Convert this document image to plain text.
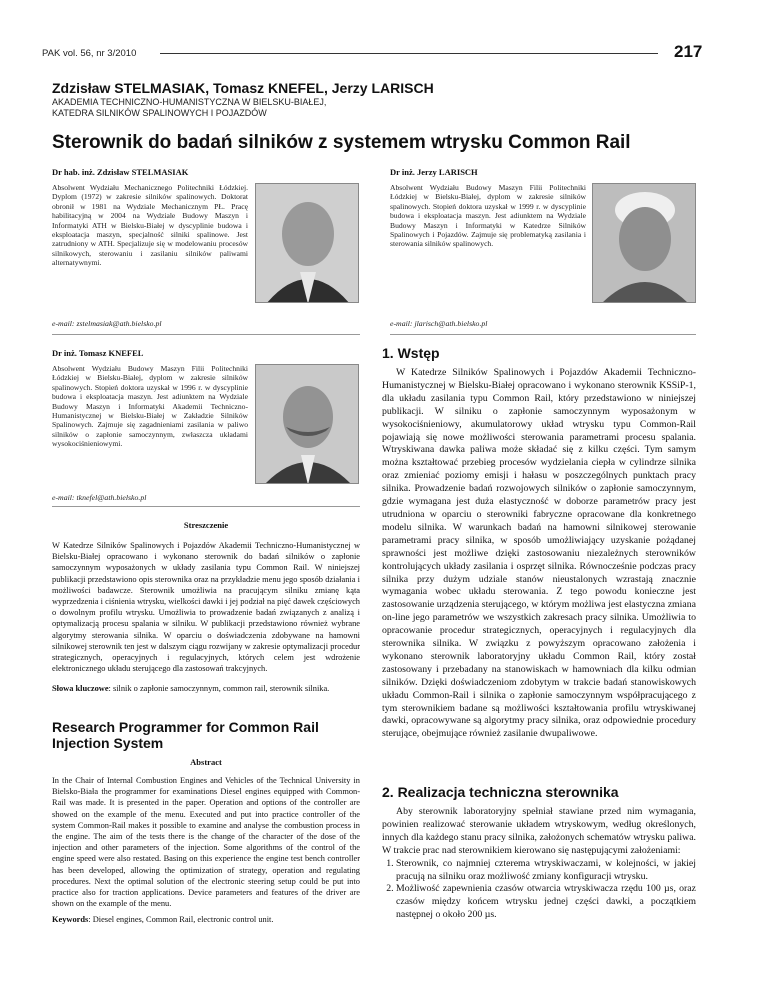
PAK vol. 56, nr 3/2010	217
Zdzisław STELMASIAK, Tomasz KNEFEL, Jerzy LARISCH
AKADEMIA TECHNICZNO-HUMANISTYCZNA W BIELSKU-BIAŁEJ,
KATEDRA SILNIKÓW SPALINOWYCH I POJAZDÓW
Sterownik do badań silników z systemem wtrysku Common Rail
Dr hab. inż. Zdzisław STELMASIAK
Absolwent Wydziału Mechanicznego Politechniki Łódzkiej. Dyplom (1972) w zakresie silników spalinowych. Doktorat obronił w 1981 na Wydziale Mechanicznym PŁ. Pracę habilitacyjną w 2004 na Wydziale Budowy Maszyn i Informatyki ATH w Bielsku-Białej w dyscyplinie budowa i eksploatacja maszyn, specjalność silniki spalinowe. Jest zatrudniony w ATH. Specjalizuje się w modelowaniu procesów silnikowych, sterowaniu i zasilaniu silników paliwami alternatywnymi.
e-mail: zstelmasiak@ath.bielsko.pl
Dr inż. Jerzy LARISCH
Absolwent Wydziału Budowy Maszyn Filii Politechniki Łódzkiej w Bielsku-Białej, dyplom w zakresie silników spalinowych. Stopień doktora uzyskał w 1999 r. w dyscyplinie budowa i eksploatacja maszyn. Jest adiunktem na Wydziale Budowy Maszyn i Informatyki w Katedrze Silników Spalinowych i Pojazdów. Zajmuje się problematyką zasilania i sterowania silników spalinowych.
e-mail: jlarisch@ath.bielsko.pl
Dr inż. Tomasz KNEFEL
Absolwent Wydziału Budowy Maszyn Filii Politechniki Łódzkiej w Bielsku-Białej, dyplom w zakresie silników spalinowych. Stopień doktora uzyskał w 1996 r. w dyscyplinie budowa i eksploatacja maszyn. Jest adiunktem na Wydziale Budowy Maszyn i Informatyki Akademii Techniczno-Humanistycznej w Bielsku-Białej w Zakładzie Silników Spalinowych. Zajmuje się zagadnieniami zasilania w paliwo silników o zapłonie samoczynnym, zwłaszcza układami wysokociśnieniowymi.
e-mail: tknefel@ath.bielsko.pl
Streszczenie
W Katedrze Silników Spalinowych i Pojazdów Akademii Techniczno-Humanistycznej w Bielsku-Białej opracowano i wykonano sterownik do badań silników o zapłonie samoczynnym wyposażonych w układy zasilania typu Common Rail. W niniejszej publikacji przedstawiono opis sterownika oraz na przykładzie menu jego sposób działania i możliwości badawcze. Sterownik umożliwia na pracującym silniku zmianę kąta wyprzedzenia i ciśnienia wtrysku, wielkości dawki i jej podział na pięć dawek częściowych o dowolnym profilu wtrysku. Umożliwia to prowadzenie badań związanych z analizą i optymalizacją procesu spalania w silniku. W publikacji przedstawiono również wybrane algorytmy sterowania silnika. W oparciu o doświadczenia zdobywane na hamowni silnikowej sterownik ten jest w dalszym ciągu rozwijany w zakresie optymalizacji procedur strategicznych, operacyjnych i regulacyjnych, których celem jest wdrożenie elektronicznego układu sterującego dla zastosowań trakcyjnych.
Słowa kluczowe: silnik o zapłonie samoczynnym, common rail, sterownik silnika.
Research Programmer for Common Rail
Injection System
Abstract
In the Chair of Internal Combustion Engines and Vehicles of the Technical University in Bielsko-Biała the programmer for examinations Diesel engines equipped with Common-Rail was made. It is presented in the paper. Operation and options of the controller are showed on the example of the menu. Executed and put into practice controller of the system Common-Rail makes it possible to examine and analyse the combustion process in the engine. The aim of the tests there is the change of the character of the dose of the injection and other parameters of the injection. Some algorithms of the control of the engine speed were also restated. Basing on this experience the engine test bench controller has been developed, allowing the optimization of strategy, operation and regulating procedures. Next the optimal solution of the electronic steering setup could be put into practice also for traction applications. Device parameters and features of the driver are shown on the example of the menu.
Keywords: Diesel engines, Common Rail, electronic control unit.
1. Wstęp

W Katedrze Silników Spalinowych i Pojazdów Akademii Techniczno-Humanistycznej w Bielsku-Białej opracowano i wykonano sterownik KSSiP-1, dla układu zasilania typu Common Rail, który przedstawiono w niniejszej publikacji. W silniku o zapłonie samoczynnym wyposażonym w wysokociśnieniowy, akumulatorowy układ wtrysku typu Common-Rail pojawiają się nowe możliwości sterowania parametrami procesu spalania. Wtryskiwana dawka paliwa może składać się z kilku części. Tym samym można kształtować przebieg procesów wydzielania ciepła w cylindrze silnika oraz zmieniać poziomy emisji i hałasu w poszczególnych punktach pracy silnika. Prowadzenie badań rozwojowych silników o zapłonie samoczynnym, gdzie wymagana jest duża elastyczność w doborze parametrów pracy jest utrudniona w oparciu o sterowniki fabryczne opracowane dla konkretnego modelu silnika. W warunkach badań na hamowni silnikowej sterowanie parametrami pracy silnika, w sposób umożliwiający uzyskanie pożądanej sprawności jest możliwe dzięki zastosowaniu niezależnych sterowników kontrolujących układy zasilania i osprzęt silnika. Równocześnie podczas pracy silnika przy dużym udziale stanów nieustalonych wzrastają znacznie wymagania wobec układu sterowania. Z tego powodu konieczne jest zastosowanie urządzenia sterującego, w którym możliwa jest elastyczna zmiana on-line jego parametrów we wszystkich zakresach pracy silnika. Umożliwia to opracowanie procedur strategicznych, operacyjnych i regulacyjnych dla sterownika silnika. W związku z powyższym opracowano założenia i wykonano sterownik laboratoryjny układu Common Rail, który został zastosowany i przebadany na stanowiskach w hamowniach dla kilku odmian silników. Dzięki doświadczeniom zdobytym w trakcie badań stanowiskowych układu Common-Rail i silnika o zapłonie samoczynnym współpracującego z tym sterownikiem badane są możliwości kształtowania profilu wtryskiwanej dawki, opracowywane są algorytmy pracy silnika, oraz odpowiednie procedury sterujące, obejmujące również zasilanie dwupaliwowe.

2. Realizacja techniczna sterownika

Aby sterownik laboratoryjny spełniał stawiane przed nim wymagania, powinien realizować sterowanie układem wtryskowym, według określonych, innych dla każdego stanu pracy silnika, założonych schematów wtrysku paliwa. W trakcie prac nad sterownikiem kierowano się następującymi założeniami:

1. Sterownik, co najmniej czterema wtryskiwaczami, w kolejności, w jakiej pracują na silniku oraz możliwość zmiany konfiguracji wtrysku.
2. Możliwość zapewnienia czasów otwarcia wtryskiwacza rzędu 100 µs, oraz czasów między końcem wtrysku jednej części dawki, a początkiem następnej o około 200 µs.
